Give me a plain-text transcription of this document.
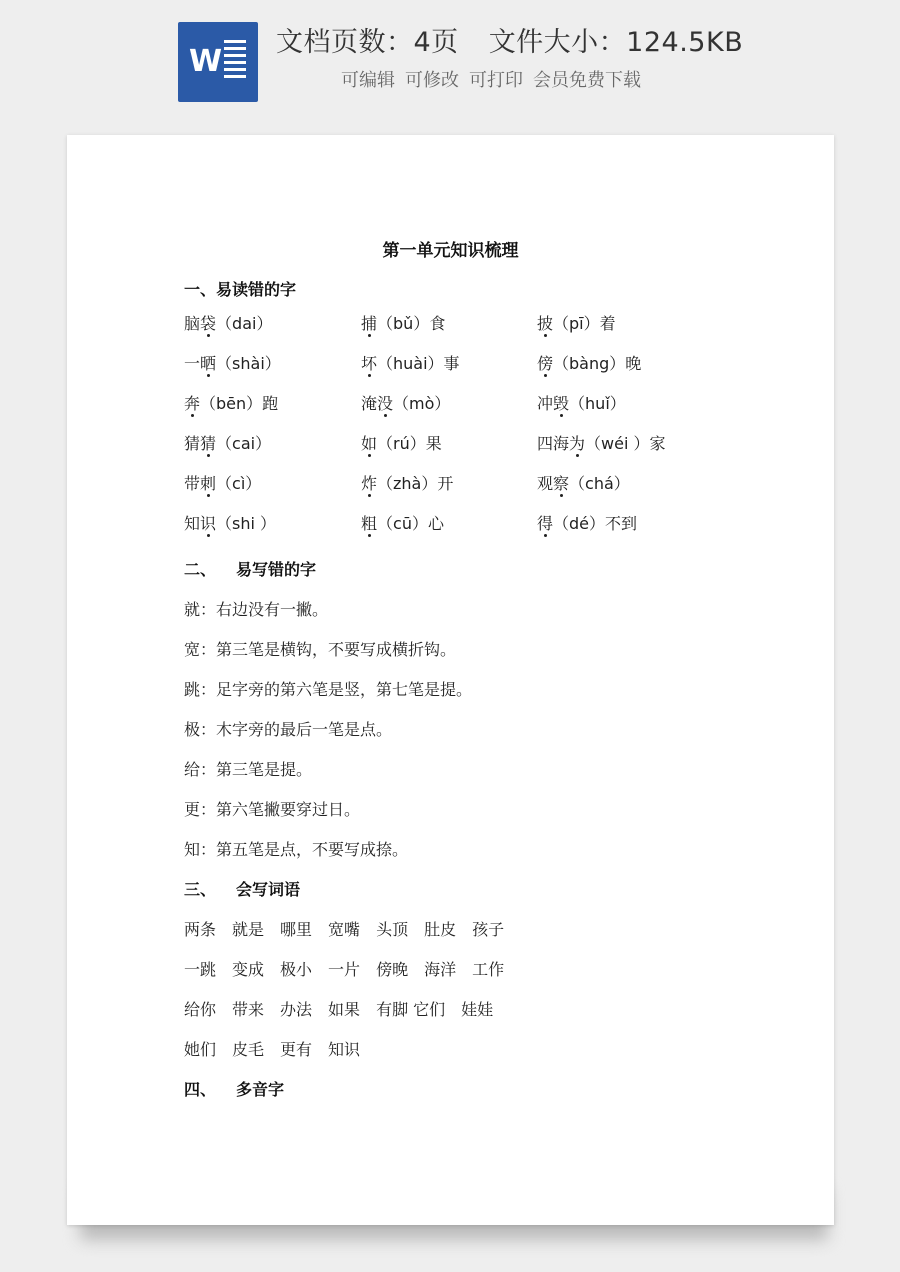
W
文档页数：4页 文件大小：124.5KB
可编辑 可修改 可打印 会员免费下载
第一单元知识梳理
一、易读错的字
脑袋（dai）	捕（bǔ）食	披（pī）着
一晒（shài）	坏（huài）事	傍（bàng）晚
奔（bēn）跑	淹没（mò）	冲毁（huǐ）
猜猜（cai）	如（rú）果	四海为（wéi ）家
带刺（cì）	炸（zhà）开	观察（chá）
知识（shi ）	粗（cū）心	得（dé）不到
二、 易写错的字
就：右边没有一撇。
宽：第三笔是横钩，不要写成横折钩。
跳：足字旁的第六笔是竖，第七笔是提。
极：木字旁的最后一笔是点。
给：第三笔是提。
更：第六笔撇要穿过日。
知：第五笔是点，不要写成捺。
三、 会写词语
两条 就是 哪里 宽嘴 头顶肚皮 孩子
一跳 变成 极小 一片傍晚 海洋 工作
给你 带来 办法 如果 有脚 它们 娃娃
她们 皮毛 更有 知识
四、 多音字
